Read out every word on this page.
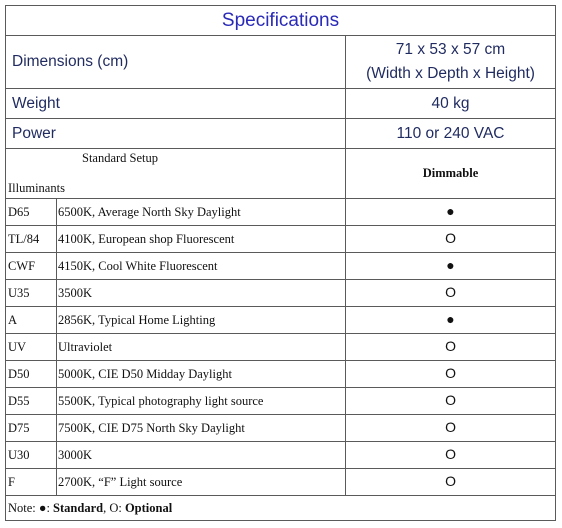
Specifications	
Dimensions (cm)	71 x 53 x 57 cm
(Width x Depth x Height)

Weight	40 kg
Power	110 or 240 VAC

Standard Setup
Illuminants	Dimmable

D65 6500K, Average North Sky Daylight	●

TL/84 4100K, European shop Fluorescent	O

CWF 4150K, Cool White Fluorescent	●

U35 3500K	O

A 2856K, Typical Home Lighting	●

UV Ultraviolet	O

D50 5000K, CIE D50 Midday Daylight	O

D55 5500K, Typical photography light source	O

D75 7500K, CIE D75 North Sky Daylight	O

U30 3000K	O

F 2700K, “F” Light source	O
Note: ●: Standard, O: Optional	
